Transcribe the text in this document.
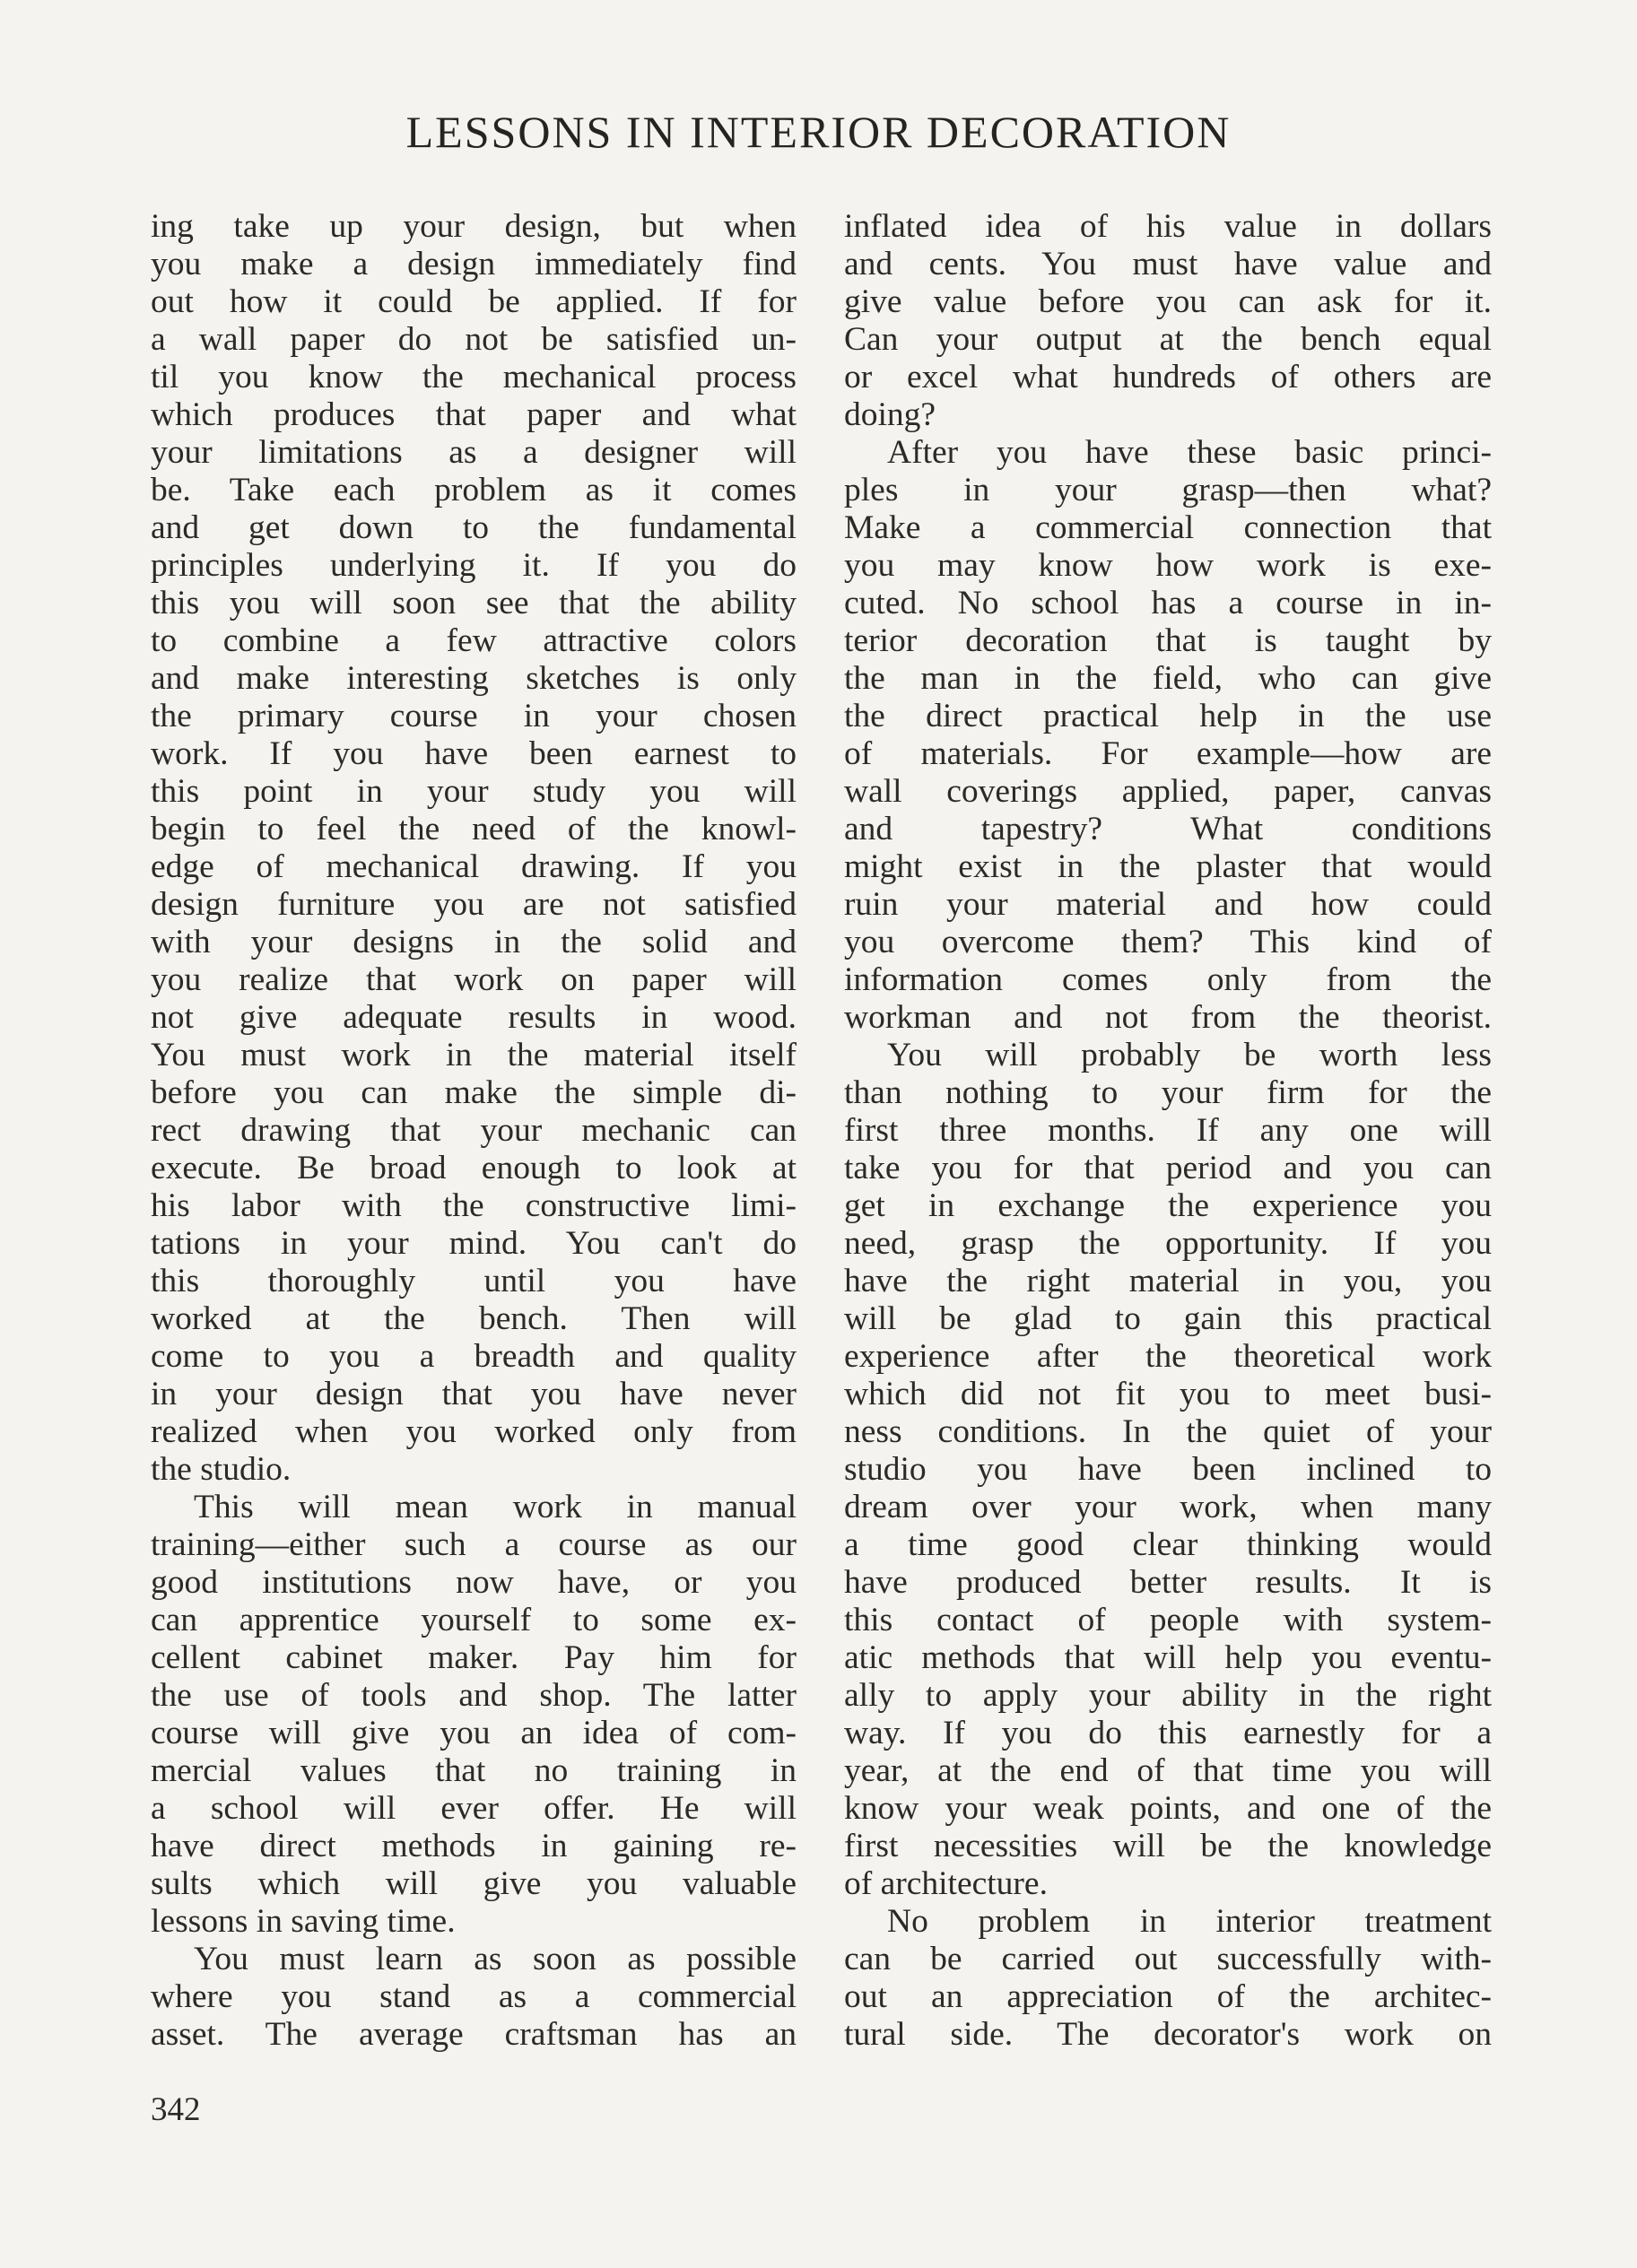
LESSONS IN INTERIOR DECORATION
ing take up your design, but when
you make a design immediately find
out how it could be applied. If for
a wall paper do not be satisfied un-
til you know the mechanical process
which produces that paper and what
your limitations as a designer will
be. Take each problem as it comes
and get down to the fundamental
principles underlying it. If you do
this you will soon see that the ability
to combine a few attractive colors
and make interesting sketches is only
the primary course in your chosen
work. If you have been earnest to
this point in your study you will
begin to feel the need of the knowl-
edge of mechanical drawing. If you
design furniture you are not satisfied
with your designs in the solid and
you realize that work on paper will
not give adequate results in wood.
You must work in the material itself
before you can make the simple di-
rect drawing that your mechanic can
execute. Be broad enough to look at
his labor with the constructive limi-
tations in your mind. You can't do
this thoroughly until you have
worked at the bench. Then will
come to you a breadth and quality
in your design that you have never
realized when you worked only from
the studio.
This will mean work in manual
training—either such a course as our
good institutions now have, or you
can apprentice yourself to some ex-
cellent cabinet maker. Pay him for
the use of tools and shop. The latter
course will give you an idea of com-
mercial values that no training in
a school will ever offer. He will
have direct methods in gaining re-
sults which will give you valuable
lessons in saving time.
You must learn as soon as possible
where you stand as a commercial
asset. The average craftsman has an
inflated idea of his value in dollars
and cents. You must have value and
give value before you can ask for it.
Can your output at the bench equal
or excel what hundreds of others are
doing?
After you have these basic princi-
ples in your grasp—then what?
Make a commercial connection that
you may know how work is exe-
cuted. No school has a course in in-
terior decoration that is taught by
the man in the field, who can give
the direct practical help in the use
of materials. For example—how are
wall coverings applied, paper, canvas
and tapestry? What conditions
might exist in the plaster that would
ruin your material and how could
you overcome them? This kind of
information comes only from the
workman and not from the theorist.
You will probably be worth less
than nothing to your firm for the
first three months. If any one will
take you for that period and you can
get in exchange the experience you
need, grasp the opportunity. If you
have the right material in you, you
will be glad to gain this practical
experience after the theoretical work
which did not fit you to meet busi-
ness conditions. In the quiet of your
studio you have been inclined to
dream over your work, when many
a time good clear thinking would
have produced better results. It is
this contact of people with system-
atic methods that will help you eventu-
ally to apply your ability in the right
way. If you do this earnestly for a
year, at the end of that time you will
know your weak points, and one of the
first necessities will be the knowledge
of architecture.
No problem in interior treatment
can be carried out successfully with-
out an appreciation of the architec-
tural side. The decorator's work on
342
